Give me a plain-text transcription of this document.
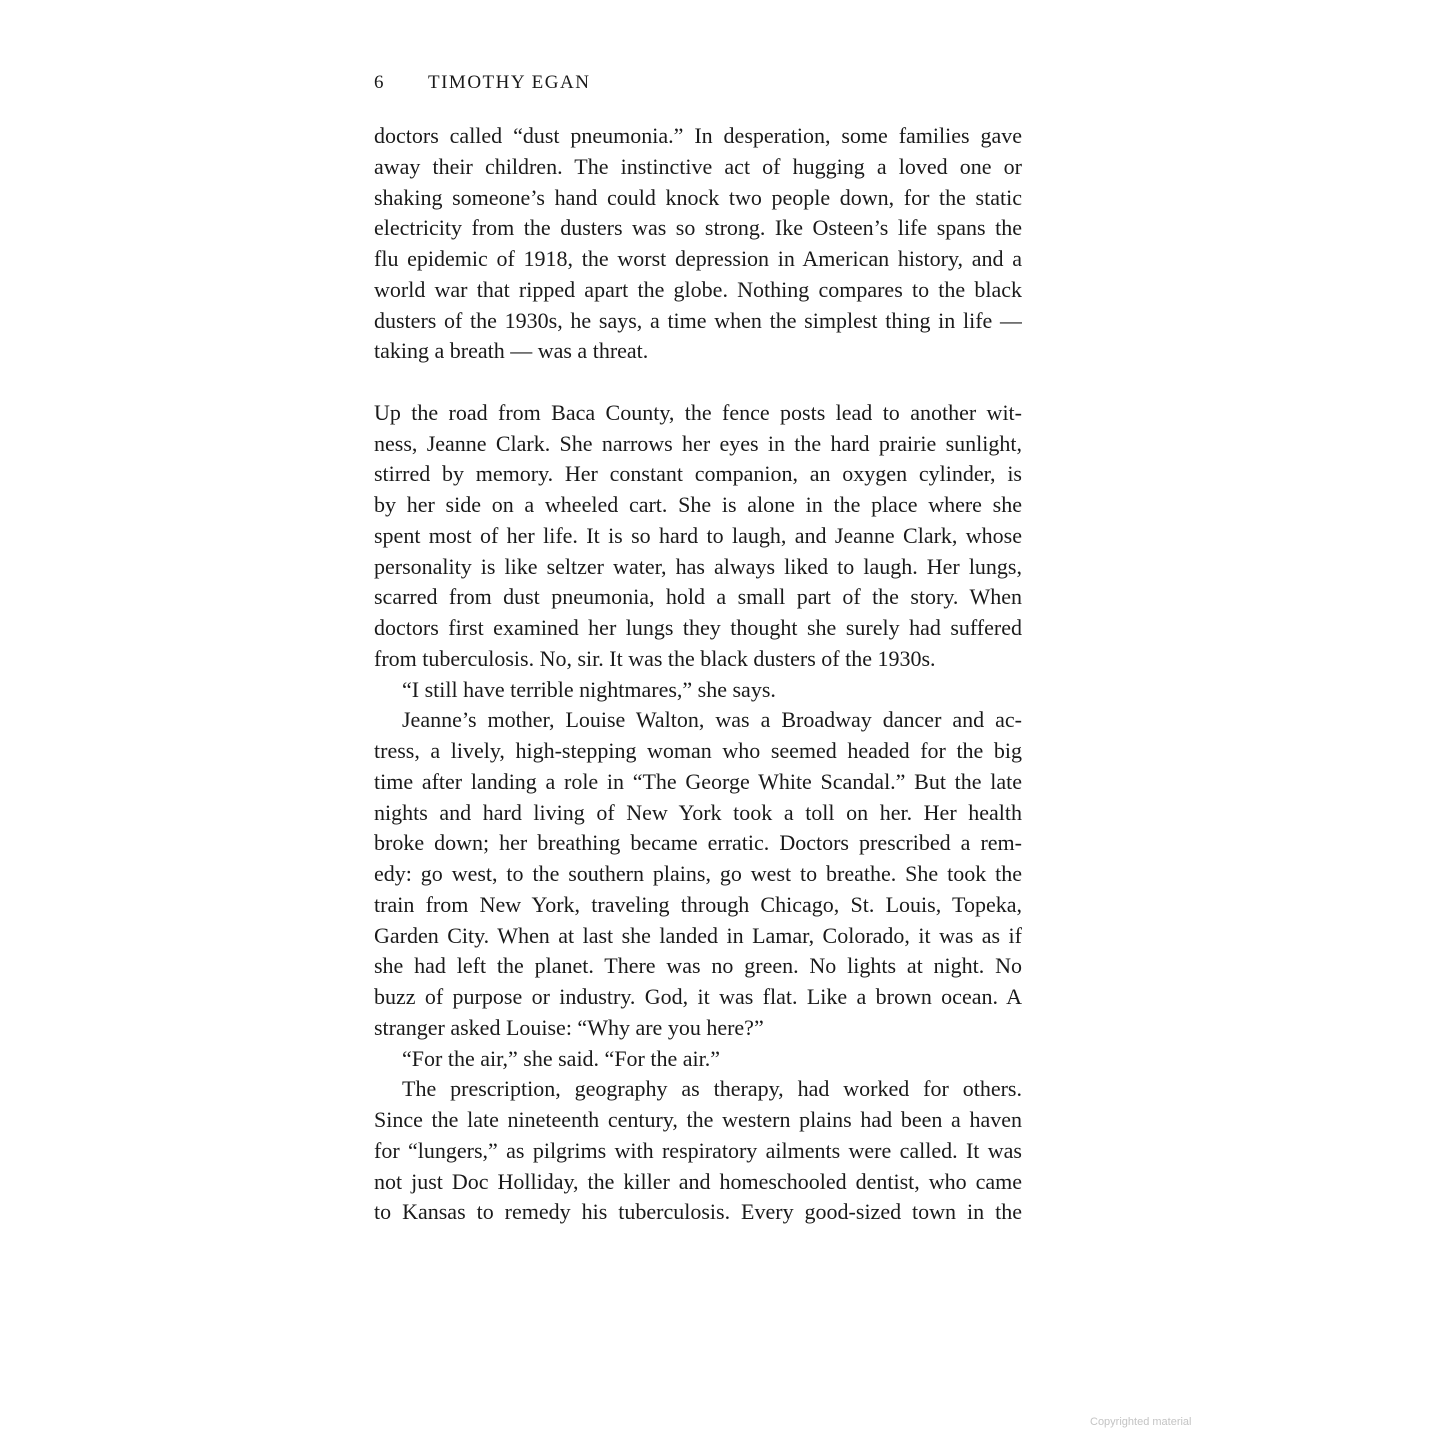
6 TIMOTHY EGAN
doctors called “dust pneumonia.” In desperation, some families gave
away their children. The instinctive act of hugging a loved one or
shaking someone’s hand could knock two people down, for the static
electricity from the dusters was so strong. Ike Osteen’s life spans the
flu epidemic of 1918, the worst depression in American history, and a
world war that ripped apart the globe. Nothing compares to the black
dusters of the 1930s, he says, a time when the simplest thing in life —
taking a breath — was a threat.
Up the road from Baca County, the fence posts lead to another wit-
ness, Jeanne Clark. She narrows her eyes in the hard prairie sunlight,
stirred by memory. Her constant companion, an oxygen cylinder, is
by her side on a wheeled cart. She is alone in the place where she
spent most of her life. It is so hard to laugh, and Jeanne Clark, whose
personality is like seltzer water, has always liked to laugh. Her lungs,
scarred from dust pneumonia, hold a small part of the story. When
doctors first examined her lungs they thought she surely had suffered
from tuberculosis. No, sir. It was the black dusters of the 1930s.
“I still have terrible nightmares,” she says.
Jeanne’s mother, Louise Walton, was a Broadway dancer and ac-
tress, a lively, high-stepping woman who seemed headed for the big
time after landing a role in “The George White Scandal.” But the late
nights and hard living of New York took a toll on her. Her health
broke down; her breathing became erratic. Doctors prescribed a rem-
edy: go west, to the southern plains, go west to breathe. She took the
train from New York, traveling through Chicago, St. Louis, Topeka,
Garden City. When at last she landed in Lamar, Colorado, it was as if
she had left the planet. There was no green. No lights at night. No
buzz of purpose or industry. God, it was flat. Like a brown ocean. A
stranger asked Louise: “Why are you here?”
“For the air,” she said. “For the air.”
The prescription, geography as therapy, had worked for others.
Since the late nineteenth century, the western plains had been a haven
for “lungers,” as pilgrims with respiratory ailments were called. It was
not just Doc Holliday, the killer and homeschooled dentist, who came
to Kansas to remedy his tuberculosis. Every good-sized town in the
Copyrighted material
